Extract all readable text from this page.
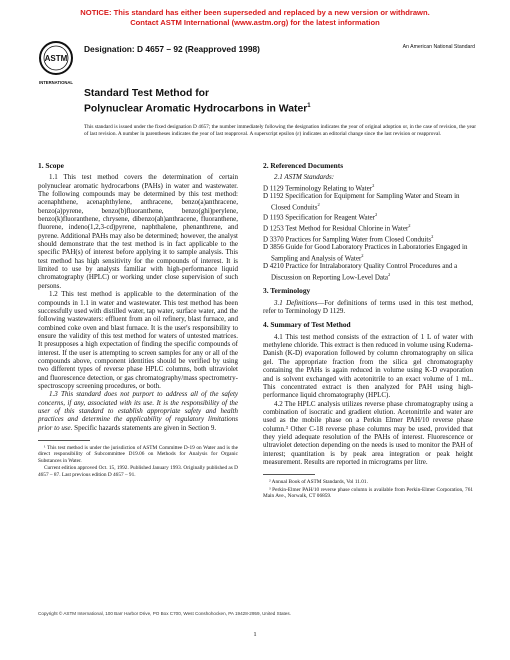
NOTICE: This standard has either been superseded and replaced by a new version or withdrawn.
Contact ASTM International (www.astm.org) for the latest information
ASTM
INTERNATIONAL
Designation: D 4657 – 92 (Reapproved 1998)	An American National Standard
Standard Test Method for
Polynuclear Aromatic Hydrocarbons in Water$^1$
This standard is issued under the fixed designation D 4657; the number immediately following the designation indicates the year of original adoption or, in the case of revision, the year of last revision. A number in parentheses indicates the year of last reapproval. A superscript epsilon (ε) indicates an editorial change since the last revision or reapproval.
1. Scope

1.1 This test method covers the determination of certain polynuclear aromatic hydrocarbons (PAHs) in water and wastewater. The following compounds may be determined by this test method: acenaphthene, acenaphthylene, anthracene, benzo(a)anthracene, benzo(a)pyrene, benzo(b)fluoranthene, benzo(ghi)perylene, benzo(k)fluoranthene, chrysene, dibenzo(ah)anthracene, fluoranthene, fluorene, indeno(1,2,3-cd)pyrene, naphthalene, phenanthrene, and pyrene. Additional PAHs may also be determined; however, the analyst should demonstrate that the test method is in fact applicable to the specific PAH(s) of interest before applying it to sample analysis. This test method has high sensitivity for the compounds of interest. It is limited to use by analysts familiar with high-performance liquid chromatography (HPLC) or working under close supervision of such persons.

1.2 This test method is applicable to the determination of the compounds in 1.1 in water and wastewater. This test method has been successfully used with distilled water, tap water, surface water, and the following wastewaters: effluent from an oil refinery, blast furnace, and combined coke oven and blast furnace. It is the user's responsibility to ensure the validity of this test method for waters of untested matrices. It presupposes a high expectation of finding the specific compounds of interest. If the user is attempting to screen samples for any or all of the compounds above, component identities should be verified by using two different types of reverse phase HPLC columns, both ultraviolet and fluorescence detection, or gas chromatography/mass spectrometry-spectroscopy screening procedures, or both.

1.3 This standard does not purport to address all of the safety concerns, if any, associated with its use. It is the responsibility of the user of this standard to establish appropriate safety and health practices and determine the applicability of regulatory limitations prior to use. Specific hazards statements are given in Section 9.

¹ This test method is under the jurisdiction of ASTM Committee D-19 on Water and is the direct responsibility of Subcommittee D19.06 on Methods for Analysis for Organic Substances in Water.

Current edition approved Oct. 15, 1992. Published January 1993. Originally published as D 4657 – 87. Last previous edition D 4657 – 91.

2. Referenced Documents
2.1 ASTM Standards:
D 1129 Terminology Relating to Water$^2$
D 1192 Specification for Equipment for Sampling Water and Steam in Closed Conduits$^2$
D 1193 Specification for Reagent Water$^2$
D 1253 Test Method for Residual Chlorine in Water$^2$
D 3370 Practices for Sampling Water from Closed Conduits$^2$
D 3856 Guide for Good Laboratory Practices in Laboratories Engaged in Sampling and Analysis of Water$^2$
D 4210 Practice for Intralaboratory Quality Control Procedures and a Discussion on Reporting Low-Level Data$^2$
3. Terminology

3.1 Definitions—For definitions of terms used in this test method, refer to Terminology D 1129.

4. Summary of Test Method

4.1 This test method consists of the extraction of 1 L of water with methylene chloride. This extract is then reduced in volume using Kuderna-Danish (K-D) evaporation followed by column chromatography on silica gel. The appropriate fraction from the silica gel chromatography containing the PAHs is again reduced in volume using K-D evaporation and is solvent exchanged with acetonitrile to an exact volume of 1 mL. This concentrated extract is then analyzed for PAH using high-performance liquid chromatography (HPLC).

4.2 The HPLC analysis utilizes reverse phase chromatography using a combination of isocratic and gradient elution. Acetonitrile and water are used as the mobile phase on a Perkin Elmer PAH/10 reverse phase column.³ Other C-18 reverse phase columns may be used, provided that they yield adequate resolution of the PAHs of interest. Fluorescence or ultraviolet detection depending on the needs is used to monitor the PAH of interest; quantitation is by peak area integration or peak height measurement. Results are reported in micrograms per litre.

² Annual Book of ASTM Standards, Vol 11.01.

³ Perkin-Elmer PAH/10 reverse phase column is available from Perkin-Elmer Corporation, 761 Main Ave., Norwalk, CT 06859.

Copyright © ASTM International, 100 Barr Harbor Drive, PO Box C700, West Conshohocken, PA 19428-2959, United States.
1
